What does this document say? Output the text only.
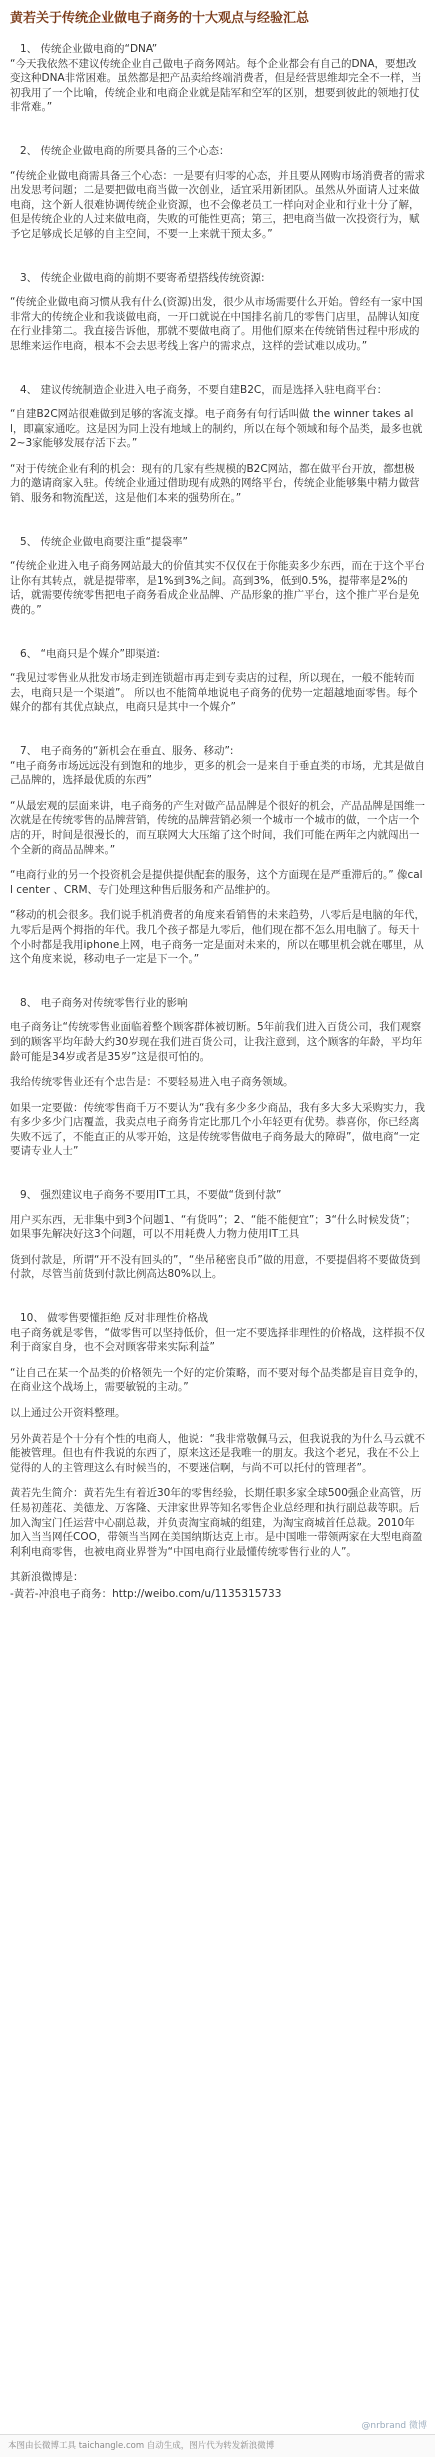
黄若关于传统企业做电子商务的十大观点与经验汇总
1、 传统企业做电商的“DNA”
“今天我依然不建议传统企业自己做电子商务网站。每个企业都会有自己的DNA，要想改变这种DNA非常困难。虽然都是把产品卖给终端消费者，但是经营思维却完全不一样，当初我用了一个比喻，传统企业和电商企业就是陆军和空军的区别，想要到彼此的领地打仗非常难。”
2、 传统企业做电商的所要具备的三个心态：
“传统企业做电商需具备三个心态：一是要有归零的心态，并且要从网购市场消费者的需求出发思考问题；二是要把做电商当做一次创业，适宜采用新团队。虽然从外面请人过来做电商，这个新人很难协调传统企业资源，也不会像老员工一样向对企业和行业十分了解，但是传统企业的人过来做电商，失败的可能性更高；第三，把电商当做一次投资行为，赋予它足够成长足够的自主空间，不要一上来就干预太多。”
3、 传统企业做电商的前期不要寄希望搭线传统资源:
“传统企业做电商习惯从我有什么(资源)出发，很少从市场需要什么开始。曾经有一家中国非常大的传统企业和我谈做电商，一开口就说在中国排名前几的零售门店里，品牌认知度在行业排第二。我直接告诉他，那就不要做电商了。用他们原来在传统销售过程中形成的思维来运作电商，根本不会去思考线上客户的需求点，这样的尝试难以成功。”
4、 建议传统制造企业进入电子商务，不要自建B2C，而是选择入驻电商平台：
“自建B2C网站很难做到足够的客流支撑。电子商务有句行话叫做 the winner takes all，即赢家通吃。这是因为同上没有地域上的制约，所以在每个领域和每个品类，最多也就2~3家能够发展存活下去。”
“对于传统企业有利的机会：现有的几家有些规模的B2C网站，都在做平台开放，都想极力的邀请商家入驻。传统企业通过借助现有成熟的网络平台，传统企业能够集中精力做营销、服务和物流配送，这是他们本来的强势所在。”
5、 传统企业做电商要注重“提袋率”
“传统企业进入电子商务网站最大的价值其实不仅仅在于你能卖多少东西，而在于这个平台让你有其转点，就是提带率，是1%到3%之间。高到3%，低到0.5%，提带率是2%的话，就需要传统零售把电子商务看成企业品牌、产品形象的推广平台，这个推广平台是免费的。”
6、 “电商只是个媒介”即渠道:
“我见过零售业从批发市场走到连锁超市再走到专卖店的过程，所以现在，一般不能转而去，电商只是一个渠道”。 所以也不能简单地说电子商务的优势一定超越地面零售。每个媒介的都有其优点缺点，电商只是其中一个媒介”
7、 电子商务的“新机会在垂直、服务、移动”:
“电子商务市场远远没有到饱和的地步，更多的机会一是来自于垂直类的市场，尤其是做自己品牌的，选择最优质的东西”
“从最宏观的层面来讲，电子商务的产生对做产品品牌是个很好的机会，产品品牌是国维一次就是在传统零售的品牌营销，传统的品牌营销必须一个城市一个城市的做，一个店一个店的开，时间是很漫长的，而互联网大大压缩了这个时间，我们可能在两年之内就闯出一个全新的商品品牌来。”
“电商行业的另一个投资机会是提供提供配套的服务，这个方面现在是严重滞后的。” 像call center 、CRM、专门处理这种售后服务和产品维护的。
“移动的机会很多。我们说手机消费者的角度来看销售的未来趋势，八零后是电脑的年代，九零后是两个拇指的年代。我几个孩子都是九零后，他们现在都不怎么用电脑了。每天十个小时都是我用iphone上网，电子商务一定是面对未来的，所以在哪里机会就在哪里，从这个角度来说，移动电子一定是下一个。”
8、 电子商务对传统零售行业的影响
电子商务让“传统零售业面临着整个顾客群体被切断。5年前我们进入百货公司，我们观察到的顾客平均年龄大约30岁现在我们进百货公司，让我注意到，这个顾客的年龄，平均年龄可能是34岁或者是35岁”这是很可怕的。
我给传统零售业还有个忠告是：不要轻易进入电子商务领域。
如果一定要做：传统零售商千万不要认为“我有多少多少商品，我有多大多大采购实力，我有多少多少门店覆盖，我卖点电子商务肯定比那几个小年轻更有优势。恭喜你，你已经离失败不远了，不能直正的从零开始，这是传统零售做电子商务最大的障碍”，做电商“一定要请专业人士”
9、 强烈建议电子商务不要用IT工具，不要做“货到付款”
用户买东西，无非集中到3个问题1、“有货吗”；2、“能不能便宜”；3“什么时候发货”；如果事先解决好这3个问题，可以不用耗费人力物力使用IT工具
货到付款是，所谓“开不没有回头的”，“坐吊秘密良币”做的用意，不要提倡将不要做货到付款，尽管当前货到付款比例高达80%以上。
10、 做零售要懂拒绝 反对非理性价格战
电子商务就是零售，“做零售可以坚持低价，但一定不要选择非理性的价格战，这样损不仅利于商家自身，也不会对顾客带来实际利益”
“让自己在某一个品类的价格领先一个好的定价策略，而不要对每个品类都是盲目竞争的，在商业这个战场上，需要敏锐的主动。”
以上通过公开资料整理。
另外黄若是个十分有个性的电商人，他说：“我非常敬佩马云，但我说我的为什么马云就不能被管理。但也有件我说的东西了，原来这还是我唯一的朋友。我这个老兄，我在不公上觉得的人的主管理这么有时候当的，不要迷信啊，与尚不可以托付的管理者”。
黄若先生简介：黄若先生有着近30年的零售经验，长期任职多家全球500强企业高管，历任易初莲花、美德龙、万客隆、天津家世界等知名零售企业总经理和执行副总裁等职。后加入淘宝门任运营中心副总裁，并负责淘宝商城的组建，为淘宝商城首任总裁。2010年加入当当网任COO，带领当当网在美国纳斯达克上市。是中国唯一带领两家在大型电商盈利利电商零售，也被电商业界誉为“中国电商行业最懂传统零售行业的人”。
其新浪微博是：
-黄若-冲浪电子商务：http://weibo.com/u/1135315733
@nrbrand 微博
本图由长微博工具 taichangle.com 自动生成，图片代为转发新浪微博
